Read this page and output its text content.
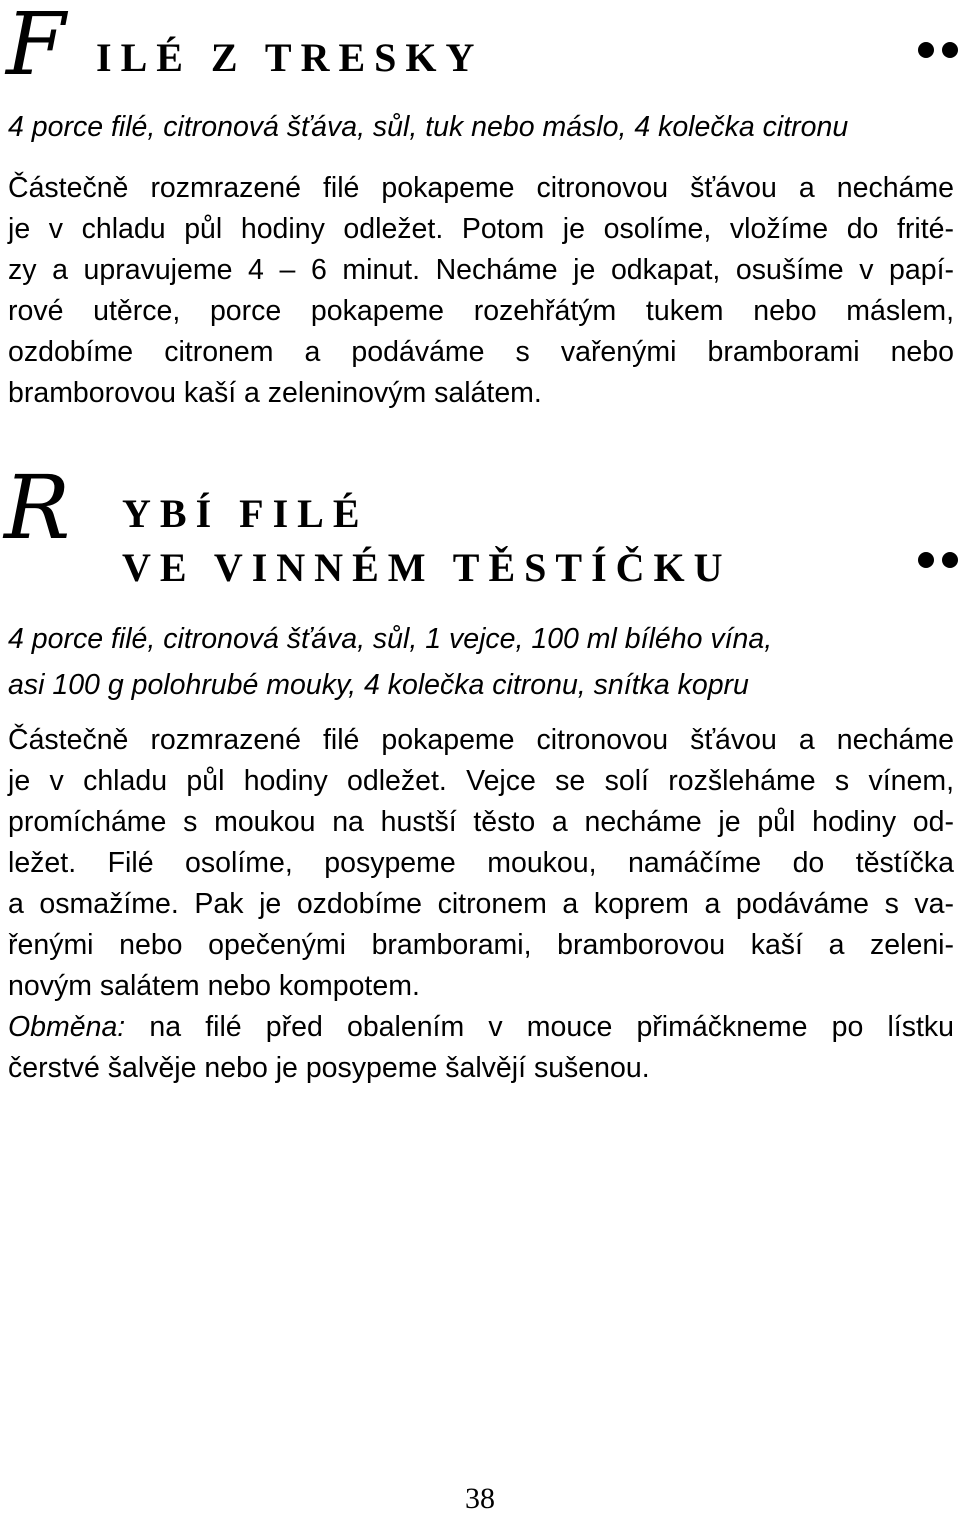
F ILÉ Z TRESKY

4 porce filé, citronová šťáva, sůl, tuk nebo máslo, 4 kolečka citronu

Částečně rozmrazené filé pokapeme citronovou šťávou a necháme
je v chladu půl hodiny odležet. Potom je osolíme, vložíme do frité-
zy a upravujeme 4 – 6 minut. Necháme je odkapat, osušíme v papí-
rové utěrce, porce pokapeme rozehřátým tukem nebo máslem,
ozdobíme citronem a podáváme s vařenými bramborami nebo
bramborovou kaší a zeleninovým salátem.
R YBÍ FILÉ
VE VINNÉM TĚSTÍČKU
4 porce filé, citronová šťáva, sůl, 1 vejce, 100 ml bílého vína,
asi 100 g polohrubé mouky, 4 kolečka citronu, snítka kopru
Částečně rozmrazené filé pokapeme citronovou šťávou a necháme
je v chladu půl hodiny odležet. Vejce se solí rozšleháme s vínem,
promícháme s moukou na hustší těsto a necháme je půl hodiny od-
ležet. Filé osolíme, posypeme moukou, namáčíme do těstíčka
a osmažíme. Pak je ozdobíme citronem a koprem a podáváme s va-
řenými nebo opečenými bramborami, bramborovou kaší a zeleni-
novým salátem nebo kompotem.
Obměna: na filé před obalením v mouce přimáčkneme po lístku
čerstvé šalvěje nebo je posypeme šalvějí sušenou.
38
